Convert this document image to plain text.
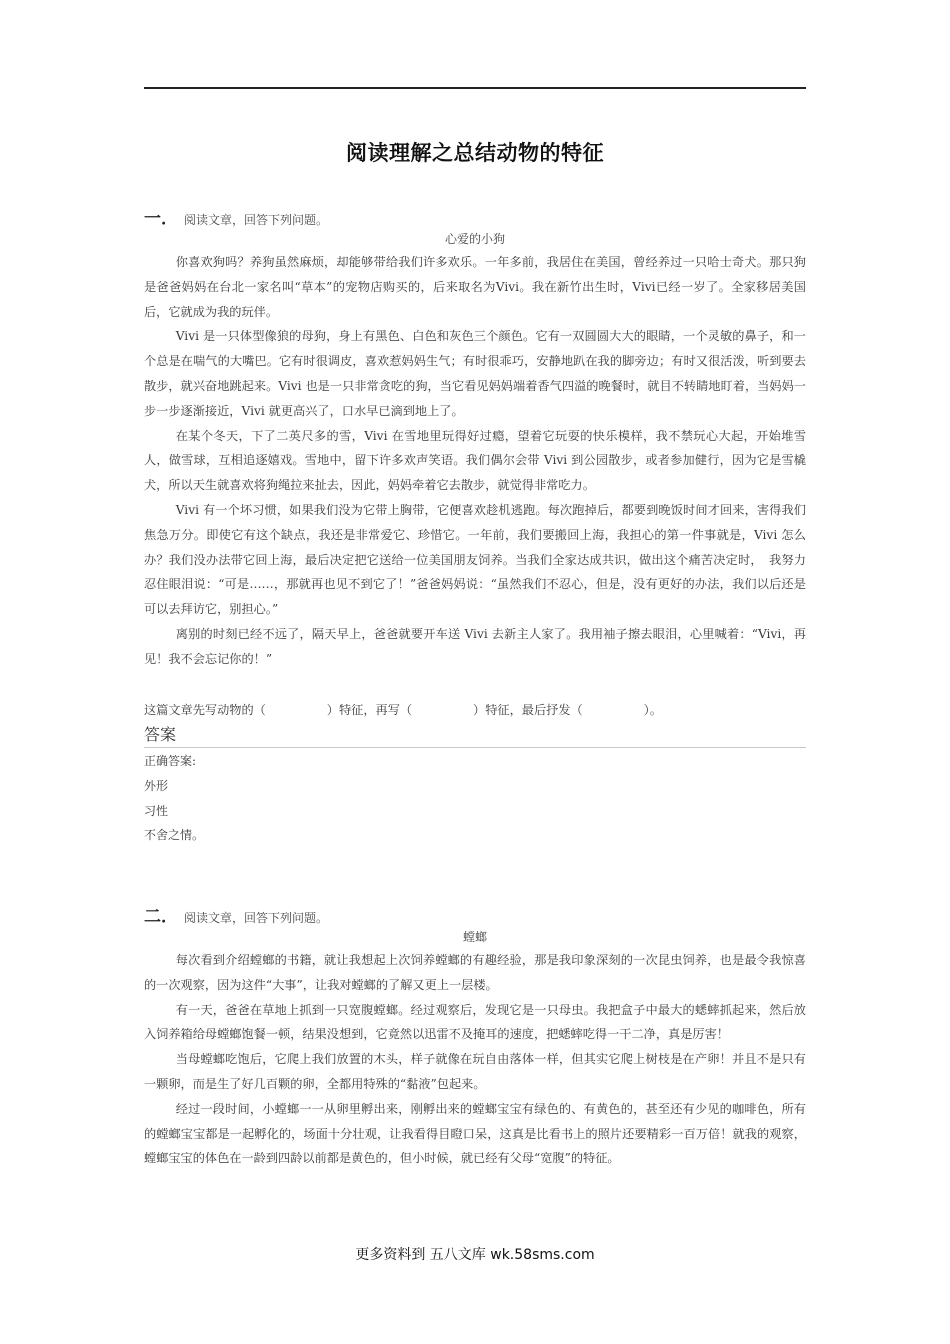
阅读理解之总结动物的特征
一． 阅读文章，回答下列问题。
心爱的小狗

你喜欢狗吗？养狗虽然麻烦，却能够带给我们许多欢乐。一年多前，我居住在美国，曾经养过一只哈士奇犬。那只狗是爸爸妈妈在台北一家名叫“草本”的宠物店购买的，后来取名为Vivi。我在新竹出生时，Vivi已经一岁了。全家移居美国后，它就成为我的玩伴。

Vivi 是一只体型像狼的母狗，身上有黑色、白色和灰色三个颜色。它有一双圆圆大大的眼睛，一个灵敏的鼻子，和一个总是在喘气的大嘴巴。它有时很调皮，喜欢惹妈妈生气；有时很乖巧，安静地趴在我的脚旁边；有时又很活泼，听到要去散步，就兴奋地跳起来。Vivi 也是一只非常贪吃的狗，当它看见妈妈端着香气四溢的晚餐时，就目不转睛地盯着，当妈妈一步一步逐渐接近，Vivi 就更高兴了，口水早已滴到地上了。

在某个冬天，下了二英尺多的雪，Vivi 在雪地里玩得好过瘾，望着它玩耍的快乐模样，我不禁玩心大起，开始堆雪人，做雪球，互相追逐嬉戏。雪地中，留下许多欢声笑语。我们偶尔会带 Vivi 到公园散步，或者参加健行，因为它是雪橇犬，所以天生就喜欢将狗绳拉来扯去，因此，妈妈牵着它去散步，就觉得非常吃力。

Vivi 有一个坏习惯，如果我们没为它带上胸带，它便喜欢趁机逃跑。每次跑掉后，都要到晚饭时间才回来，害得我们焦急万分。即使它有这个缺点，我还是非常爱它、珍惜它。一年前，我们要搬回上海，我担心的第一件事就是，Vivi 怎么办？我们没办法带它回上海，最后决定把它送给一位美国朋友饲养。当我们全家达成共识，做出这个痛苦决定时，　我努力忍住眼泪说：“可是……，那就再也见不到它了！”爸爸妈妈说：“虽然我们不忍心，但是，没有更好的办法，我们以后还是可以去拜访它，别担心。”

离别的时刻已经不远了，隔天早上，爸爸就要开车送 Vivi 去新主人家了。我用袖子擦去眼泪，心里喊着：“Vivi，再见！我不会忘记你的！”

这篇文章先写动物的（　　　　　）特征，再写（　　　　　）特征，最后抒发（　　　　　）。
答案
正确答案:
外形
习性
不舍之情。
二． 阅读文章，回答下列问题。
螳螂

每次看到介绍螳螂的书籍，就让我想起上次饲养螳螂的有趣经验，那是我印象深刻的一次昆虫饲养，也是最令我惊喜的一次观察，因为这件“大事”，让我对螳螂的了解又更上一层楼。

有一天，爸爸在草地上抓到一只宽腹螳螂。经过观察后，发现它是一只母虫。我把盒子中最大的蟋蟀抓起来，然后放入饲养箱给母螳螂饱餐一顿，结果没想到，它竟然以迅雷不及掩耳的速度，把蟋蟀吃得一干二净，真是厉害！

当母螳螂吃饱后，它爬上我们放置的木头，样子就像在玩自由落体一样，但其实它爬上树枝是在产卵！并且不是只有一颗卵，而是生了好几百颗的卵，全都用特殊的“黏液”包起来。

经过一段时间，小螳螂一一从卵里孵出来，刚孵出来的螳螂宝宝有绿色的、有黄色的，甚至还有少见的咖啡色，所有的螳螂宝宝都是一起孵化的，场面十分壮观，让我看得目瞪口呆，这真是比看书上的照片还要精彩一百万倍！就我的观察，螳螂宝宝的体色在一龄到四龄以前都是黄色的，但小时候，就已经有父母“宽腹”的特征。

更多资料到 五八文库 wk.58sms.com
